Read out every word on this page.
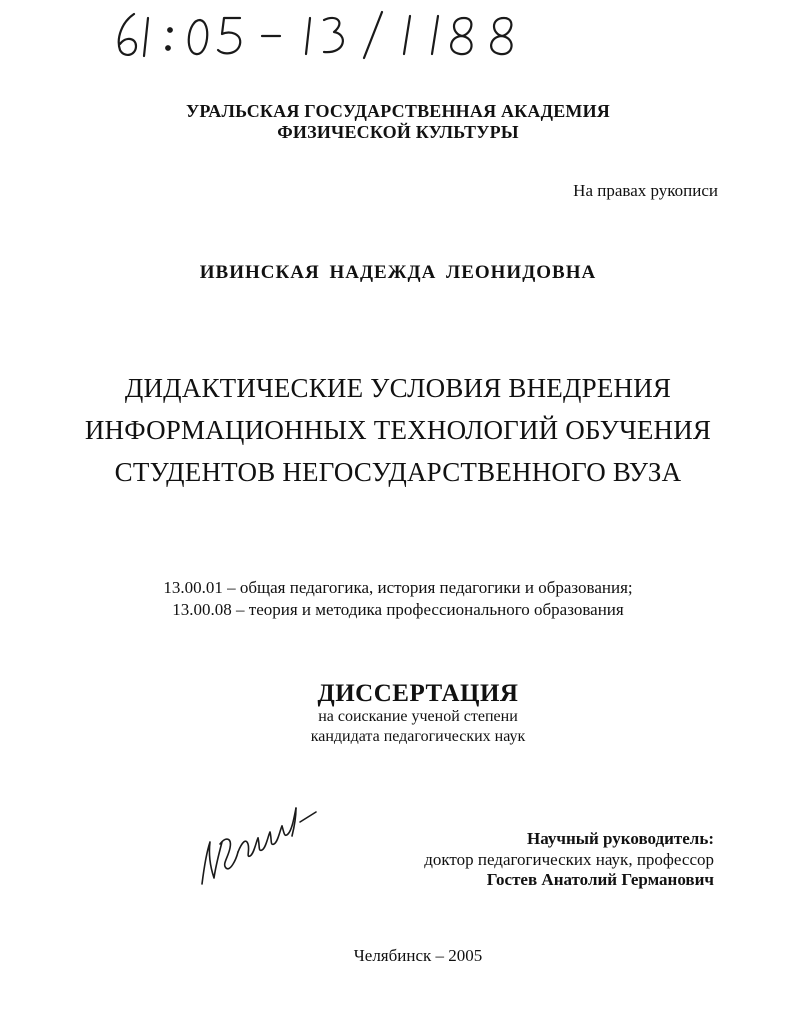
УРАЛЬСКАЯ ГОСУДАРСТВЕННАЯ АКАДЕМИЯ
ФИЗИЧЕСКОЙ КУЛЬТУРЫ
На правах рукописи
ИВИНСКАЯ НАДЕЖДА ЛЕОНИДОВНА
ДИДАКТИЧЕСКИЕ УСЛОВИЯ ВНЕДРЕНИЯ
ИНФОРМАЦИОННЫХ ТЕХНОЛОГИЙ ОБУЧЕНИЯ
СТУДЕНТОВ НЕГОСУДАРСТВЕННОГО ВУЗА
13.00.01 – общая педагогика, история педагогики и образования;
13.00.08 – теория и методика профессионального образования
ДИССЕРТАЦИЯ
на соискание ученой степени
кандидата педагогических наук
Научный руководитель:
доктор педагогических наук, профессор
Гостев Анатолий Германович
Челябинск – 2005
